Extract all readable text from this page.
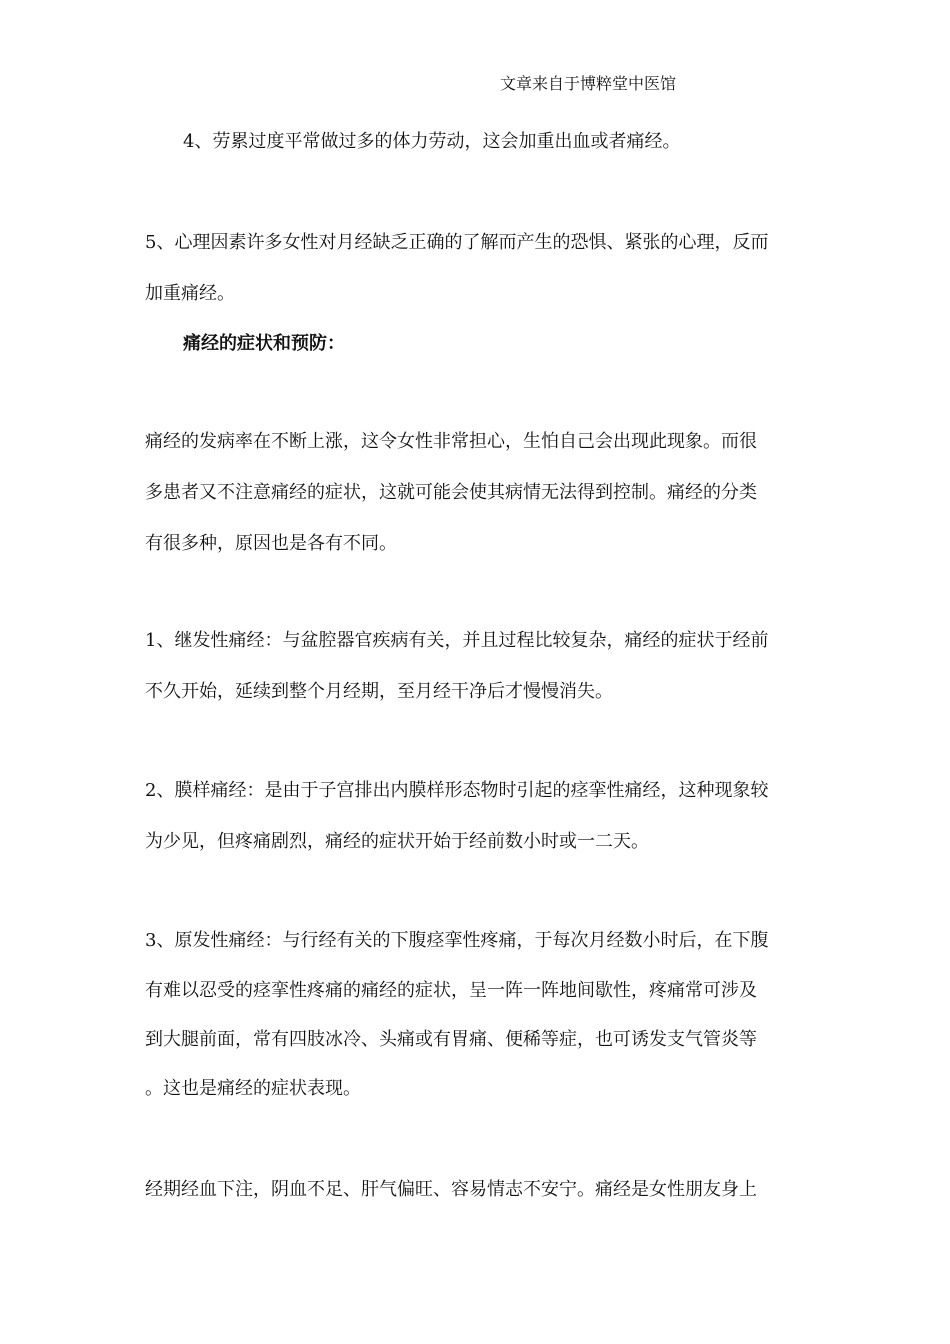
文章来自于博粹堂中医馆
4、劳累过度平常做过多的体力劳动，这会加重出血或者痛经。
5、心理因素许多女性对月经缺乏正确的了解而产生的恐惧、紧张的心理，反而
加重痛经。
痛经的症状和预防：
痛经的发病率在不断上涨，这令女性非常担心，生怕自己会出现此现象。而很
多患者又不注意痛经的症状，这就可能会使其病情无法得到控制。痛经的分类
有很多种，原因也是各有不同。
1、继发性痛经：与盆腔器官疾病有关，并且过程比较复杂，痛经的症状于经前
不久开始，延续到整个月经期，至月经干净后才慢慢消失。
2、膜样痛经：是由于子宫排出内膜样形态物时引起的痉挛性痛经，这种现象较
为少见，但疼痛剧烈，痛经的症状开始于经前数小时或一二天。
3、原发性痛经：与行经有关的下腹痉挛性疼痛，于每次月经数小时后，在下腹
有难以忍受的痉挛性疼痛的痛经的症状，呈一阵一阵地间歇性，疼痛常可涉及
到大腿前面，常有四肢冰冷、头痛或有胃痛、便稀等症，也可诱发支气管炎等
。这也是痛经的症状表现。
经期经血下注，阴血不足、肝气偏旺、容易情志不安宁。痛经是女性朋友身上
